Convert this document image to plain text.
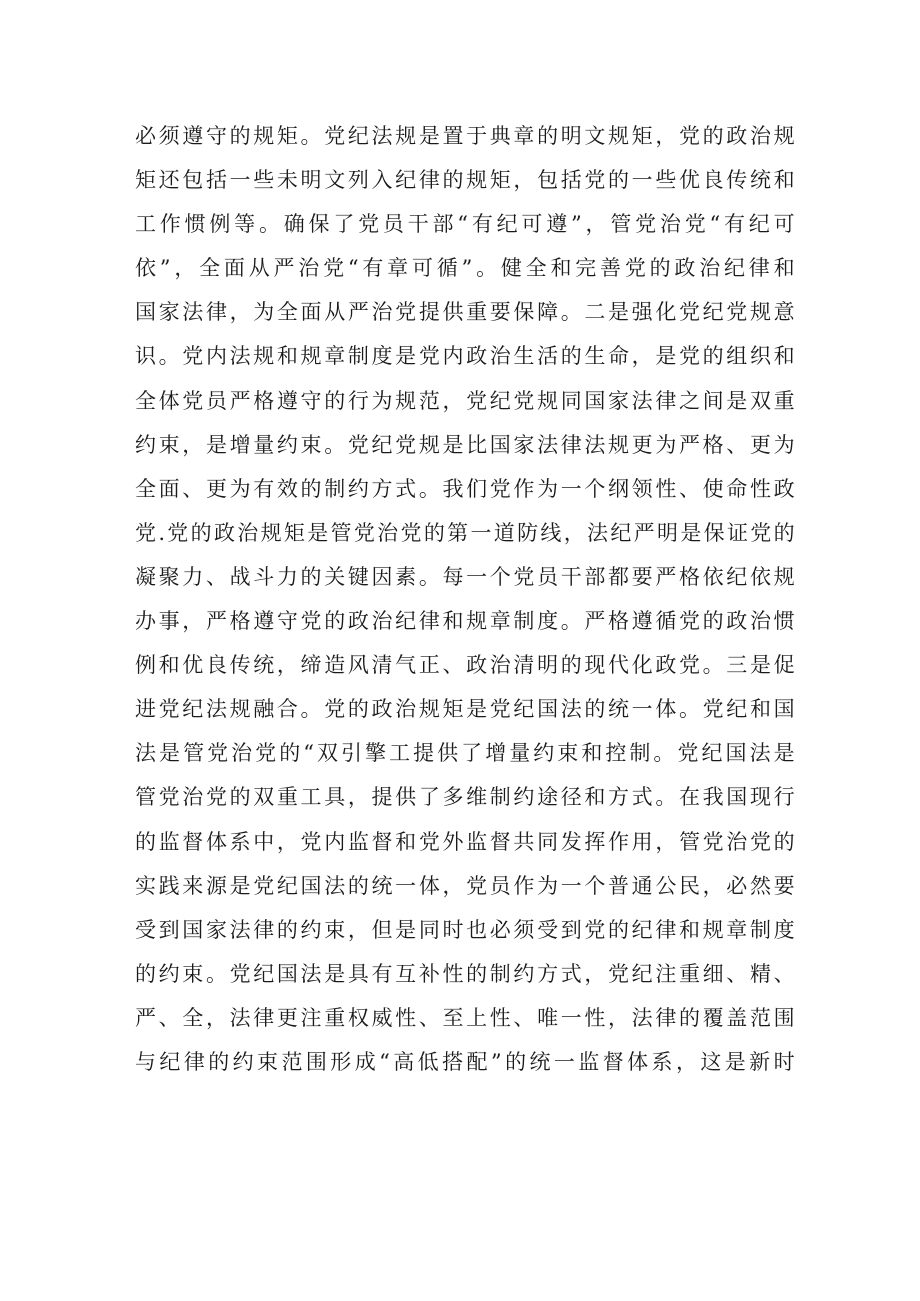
必须遵守的规矩。党纪法规是置于典章的明文规矩，党的政治规
矩还包括一些未明文列入纪律的规矩，包括党的一些优良传统和
工作惯例等。确保了党员干部“有纪可遵”，管党治党“有纪可
依”，全面从严治党“有章可循”。健全和完善党的政治纪律和
国家法律，为全面从严治党提供重要保障。二是强化党纪党规意
识。党内法规和规章制度是党内政治生活的生命，是党的组织和
全体党员严格遵守的行为规范，党纪党规同国家法律之间是双重
约束，是增量约束。党纪党规是比国家法律法规更为严格、更为
全面、更为有效的制约方式。我们党作为一个纲领性、使命性政
党.党的政治规矩是管党治党的第一道防线，法纪严明是保证党的
凝聚力、战斗力的关键因素。每一个党员干部都要严格依纪依规
办事，严格遵守党的政治纪律和规章制度。严格遵循党的政治惯
例和优良传统，缔造风清气正、政治清明的现代化政党。三是促
进党纪法规融合。党的政治规矩是党纪国法的统一体。党纪和国
法是管党治党的“双引擎工提供了增量约束和控制。党纪国法是
管党治党的双重工具，提供了多维制约途径和方式。在我国现行
的监督体系中，党内监督和党外监督共同发挥作用，管党治党的
实践来源是党纪国法的统一体，党员作为一个普通公民，必然要
受到国家法律的约束，但是同时也必须受到党的纪律和规章制度
的约束。党纪国法是具有互补性的制约方式，党纪注重细、精、
严、全，法律更注重权威性、至上性、唯一性，法律的覆盖范围
与纪律的约束范围形成“高低搭配”的统一监督体系，这是新时
